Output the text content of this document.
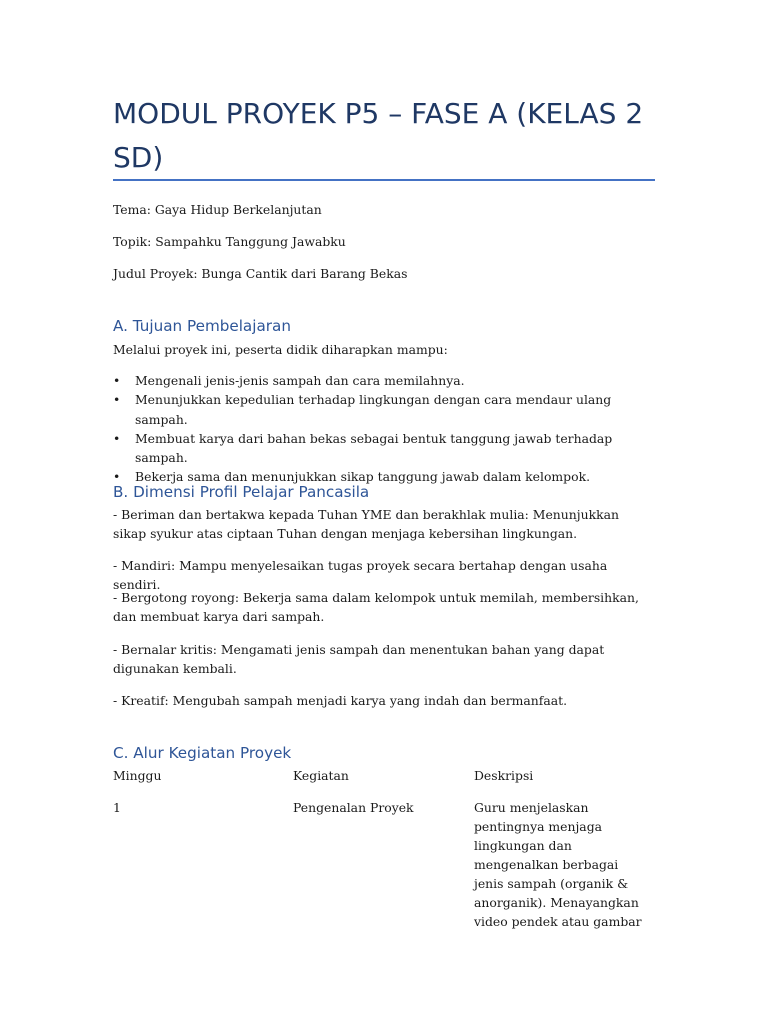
MODUL PROYEK P5 – FASE A (KELAS 2 SD)

Tema: Gaya Hidup Berkelanjutan

Topik: Sampahku Tanggung Jawabku

Judul Proyek: Bunga Cantik dari Barang Bekas

A. Tujuan Pembelajaran

Melalui proyek ini, peserta didik diharapkan mampu:

• Mengenali jenis-jenis sampah dan cara memilahnya.
• Menunjukkan kepedulian terhadap lingkungan dengan cara mendaur ulang sampah.
• Membuat karya dari bahan bekas sebagai bentuk tanggung jawab terhadap sampah.
• Bekerja sama dan menunjukkan sikap tanggung jawab dalam kelompok.
B. Dimensi Profil Pelajar Pancasila

- Beriman dan bertakwa kepada Tuhan YME dan berakhlak mulia: Menunjukkan sikap syukur atas ciptaan Tuhan dengan menjaga kebersihan lingkungan.

- Mandiri: Mampu menyelesaikan tugas proyek secara bertahap dengan usaha sendiri.

- Bergotong royong: Bekerja sama dalam kelompok untuk memilah, membersihkan, dan membuat karya dari sampah.

- Bernalar kritis: Mengamati jenis sampah dan menentukan bahan yang dapat digunakan kembali.

- Kreatif: Mengubah sampah menjadi karya yang indah dan bermanfaat.

C. Alur Kegiatan Proyek

Minggu	Kegiatan	Deskripsi

1	Pengenalan Proyek	Guru menjelaskan pentingnya menjaga lingkungan dan mengenalkan berbagai jenis sampah (organik & anorganik). Menayangkan video pendek atau gambar
